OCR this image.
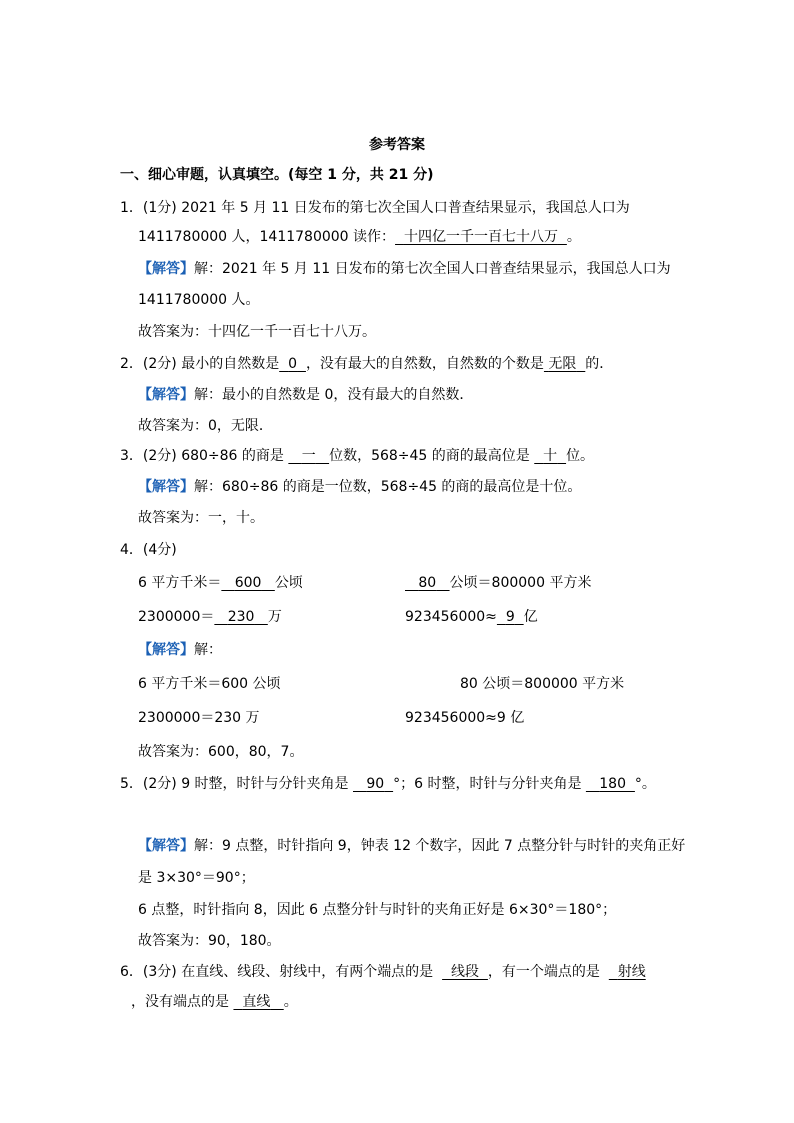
参考答案
一、细心审题，认真填空。(每空 1 分，共 21 分)
1．(1分) 2021 年 5 月 11 日发布的第七次全国人口普查结果显示，我国总人口为
1411780000 人，1411780000 读作： 十四亿一千一百七十八万 。
【解答】解：2021 年 5 月 11 日发布的第七次全国人口普查结果显示，我国总人口为
1411780000 人。
故答案为：十四亿一千一百七十八万。
2．(2分) 最小的自然数是 0 ，没有最大的自然数，自然数的个数是 无限 的．
【解答】解：最小的自然数是 0，没有最大的自然数．
故答案为：0，无限．
3．(2分) 680÷86 的商是 一 位数，568÷45 的商的最高位是 十 位。
【解答】解：680÷86 的商是一位数，568÷45 的商的最高位是十位。
故答案为：一，十。
4．(4分)
6 平方千米＝ 600 公顷	80 公顷＝800000 平方米
2300000＝ 230 万	923456000≈ 9 亿
【解答】解：
6 平方千米＝600 公顷	80 公顷＝800000 平方米
2300000＝230 万	923456000≈9 亿
故答案为：600，80，7。
5．(2分) 9 时整，时针与分针夹角是 90 °；6 时整，时针与分针夹角是 180 °。
【解答】解：9 点整，时针指向 9，钟表 12 个数字，因此 7 点整分针与时针的夹角正好
是 3×30°＝90°；
6 点整，时针指向 8，因此 6 点整分针与时针的夹角正好是 6×30°＝180°；
故答案为：90，180。
6．(3分) 在直线、线段、射线中，有两个端点的是 线段 ，有一个端点的是 射线
，没有端点的是 直线 。
